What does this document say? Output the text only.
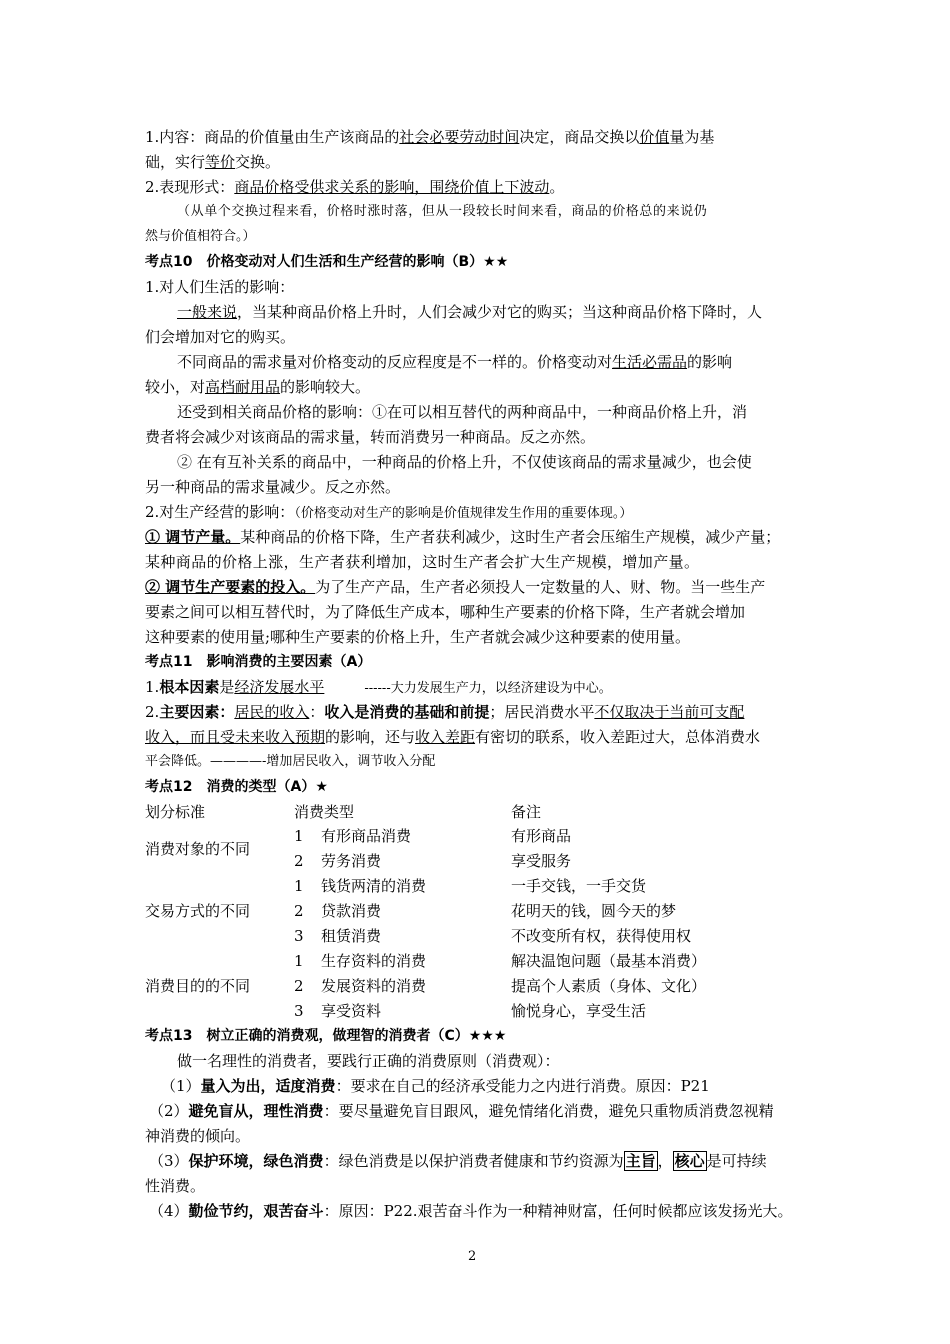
1.内容：商品的价值量由生产该商品的社会必要劳动时间决定，商品交换以价值量为基
础，实行等价交换。
2.表现形式：商品价格受供求关系的影响，围绕价值上下波动。
（从单个交换过程来看，价格时涨时落，但从一段较长时间来看，商品的价格总的来说仍
然与价值相符合。）
考点10　价格变动对人们生活和生产经营的影响（B）★★
1.对人们生活的影响：
一般来说，当某种商品价格上升时，人们会减少对它的购买；当这种商品价格下降时，人
们会增加对它的购买。
不同商品的需求量对价格变动的反应程度是不一样的。价格变动对生活必需品的影响
较小，对高档耐用品的影响较大。
还受到相关商品价格的影响：①在可以相互替代的两种商品中，一种商品价格上升，消
费者将会减少对该商品的需求量，转而消费另一种商品。反之亦然。
② 在有互补关系的商品中，一种商品的价格上升，不仅使该商品的需求量减少，也会使
另一种商品的需求量减少。反之亦然。
2.对生产经营的影响：（价格变动对生产的影响是价值规律发生作用的重要体现。）
① 调节产量。某种商品的价格下降，生产者获利减少，这时生产者会压缩生产规模，减少产量；
某种商品的价格上涨，生产者获利增加，这时生产者会扩大生产规模，增加产量。
② 调节生产要素的投入。为了生产产品，生产者必须投人一定数量的人、财、物。当一些生产
要素之间可以相互替代时，为了降低生产成本，哪种生产要素的价格下降，生产者就会增加
这种要素的使用量;哪种生产要素的价格上升，生产者就会减少这种要素的使用量。
考点11　影响消费的主要因素（A）
1.根本因素是经济发展水平	------大力发展生产力，以经济建设为中心。
2.主要因素：居民的收入：收入是消费的基础和前提；居民消费水平不仅取决于当前可支配
收入，而且受未来收入预期的影响，还与收入差距有密切的联系，收入差距过大，总体消费水
平会降低。————-增加居民收入，调节收入分配
考点12　消费的类型（A）★
划分标准	消费类型	备注
消费对象的不同
1 有形商品消费	有形商品
2 劳务消费	享受服务
交易方式的不同
1 钱货两清的消费	一手交钱，一手交货
2 贷款消费	花明天的钱，圆今天的梦
3 租赁消费	不改变所有权，获得使用权
消费目的的不同
1 生存资料的消费	解决温饱问题（最基本消费）
2 发展资料的消费	提高个人素质（身体、文化）
3 享受资料	愉悦身心，享受生活
考点13　树立正确的消费观，做理智的消费者（C）★★★
做一名理性的消费者，要践行正确的消费原则（消费观）：
（1）量入为出，适度消费：要求在自己的经济承受能力之内进行消费。原因：P21
（2）避免盲从，理性消费：要尽量避免盲目跟风，避免情绪化消费，避免只重物质消费忽视精
神消费的倾向。
（3）保护环境，绿色消费：绿色消费是以保护消费者健康和节约资源为 主旨 ， 核心 是可持续
性消费。
（4）勤俭节约，艰苦奋斗：原因：P22.艰苦奋斗作为一种精神财富，任何时候都应该发扬光大。
2
